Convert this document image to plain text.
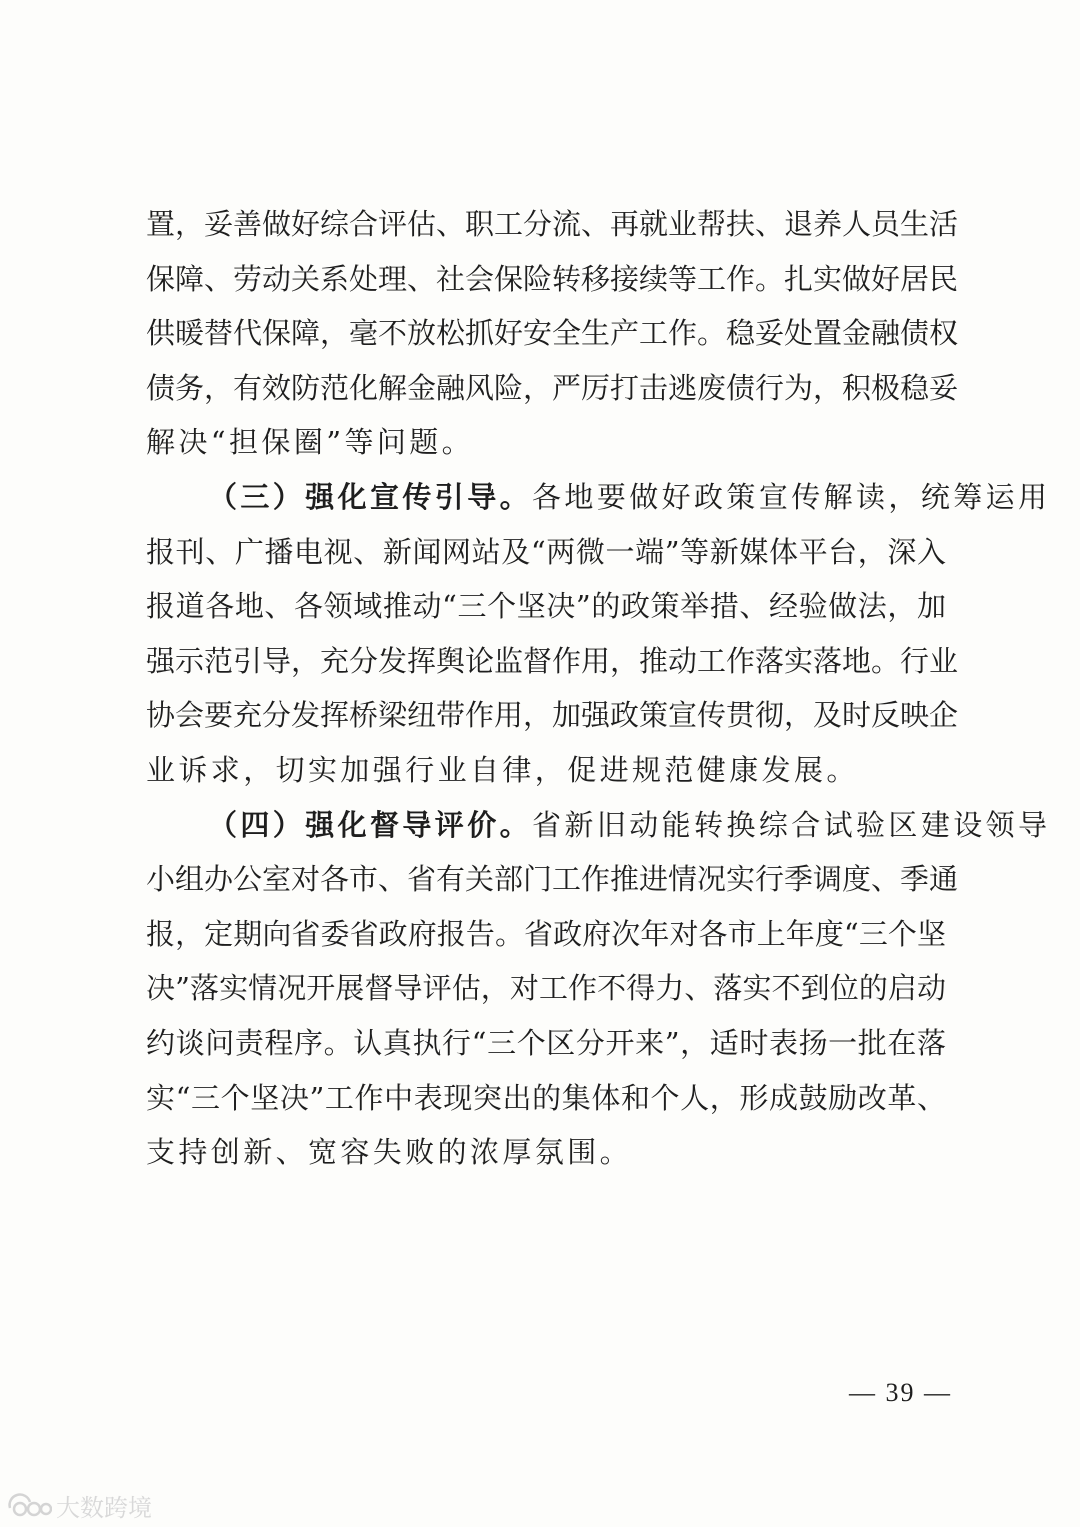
置，妥善做好综合评估、职工分流、再就业帮扶、退养人员生活
保障、劳动关系处理、社会保险转移接续等工作。扎实做好居民
供暖替代保障，毫不放松抓好安全生产工作。稳妥处置金融债权
债务，有效防范化解金融风险，严厉打击逃废债行为，积极稳妥
解决“担保圈”等问题。
（三）强化宣传引导。各地要做好政策宣传解读，统筹运用
报刊、广播电视、新闻网站及“两微一端”等新媒体平台，深入
报道各地、各领域推动“三个坚决”的政策举措、经验做法，加
强示范引导，充分发挥舆论监督作用，推动工作落实落地。行业
协会要充分发挥桥梁纽带作用，加强政策宣传贯彻，及时反映企
业诉求，切实加强行业自律，促进规范健康发展。
（四）强化督导评价。省新旧动能转换综合试验区建设领导
小组办公室对各市、省有关部门工作推进情况实行季调度、季通
报，定期向省委省政府报告。省政府次年对各市上年度“三个坚
决”落实情况开展督导评估，对工作不得力、落实不到位的启动
约谈问责程序。认真执行“三个区分开来”，适时表扬一批在落
实“三个坚决”工作中表现突出的集体和个人，形成鼓励改革、
支持创新、宽容失败的浓厚氛围。
— 39 —
大数跨境
